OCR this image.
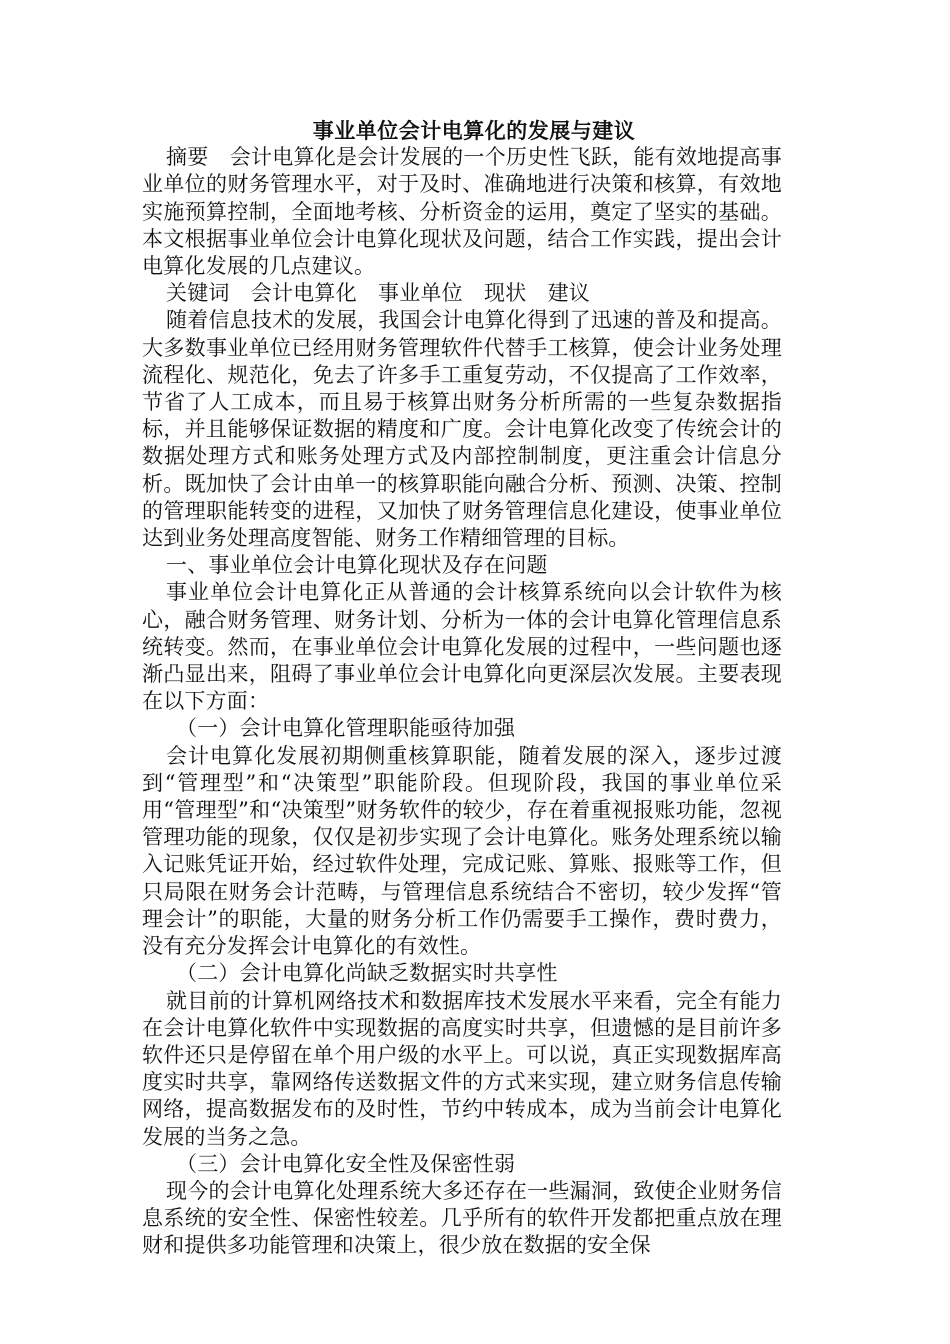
事业单位会计电算化的发展与建议

摘要　会计电算化是会计发展的一个历史性飞跃，能有效地提高事业单位的财务管理水平，对于及时、准确地进行决策和核算，有效地实施预算控制，全面地考核、分析资金的运用，奠定了坚实的基础。本文根据事业单位会计电算化现状及问题，结合工作实践，提出会计电算化发展的几点建议。

关键词　会计电算化　事业单位　现状　建议

随着信息技术的发展，我国会计电算化得到了迅速的普及和提高。大多数事业单位已经用财务管理软件代替手工核算，使会计业务处理流程化、规范化，免去了许多手工重复劳动，不仅提高了工作效率，节省了人工成本，而且易于核算出财务分析所需的一些复杂数据指标，并且能够保证数据的精度和广度。会计电算化改变了传统会计的数据处理方式和账务处理方式及内部控制制度，更注重会计信息分析。既加快了会计由单一的核算职能向融合分析、预测、决策、控制的管理职能转变的进程，又加快了财务管理信息化建设，使事业单位达到业务处理高度智能、财务工作精细管理的目标。

一、事业单位会计电算化现状及存在问题

事业单位会计电算化正从普通的会计核算系统向以会计软件为核心，融合财务管理、财务计划、分析为一体的会计电算化管理信息系统转变。然而，在事业单位会计电算化发展的过程中，一些问题也逐渐凸显出来，阻碍了事业单位会计电算化向更深层次发展。主要表现在以下方面：

（一）会计电算化管理职能亟待加强

会计电算化发展初期侧重核算职能，随着发展的深入，逐步过渡到“管理型”和“决策型”职能阶段。但现阶段，我国的事业单位采用“管理型”和“决策型”财务软件的较少，存在着重视报账功能，忽视管理功能的现象，仅仅是初步实现了会计电算化。账务处理系统以输入记账凭证开始，经过软件处理，完成记账、算账、报账等工作，但只局限在财务会计范畴，与管理信息系统结合不密切，较少发挥“管理会计”的职能，大量的财务分析工作仍需要手工操作，费时费力，没有充分发挥会计电算化的有效性。

（二）会计电算化尚缺乏数据实时共享性

就目前的计算机网络技术和数据库技术发展水平来看，完全有能力在会计电算化软件中实现数据的高度实时共享，但遗憾的是目前许多软件还只是停留在单个用户级的水平上。可以说，真正实现数据库高度实时共享，靠网络传送数据文件的方式来实现，建立财务信息传输网络，提高数据发布的及时性，节约中转成本，成为当前会计电算化发展的当务之急。

（三）会计电算化安全性及保密性弱

现今的会计电算化处理系统大多还存在一些漏洞，致使企业财务信息系统的安全性、保密性较差。几乎所有的软件开发都把重点放在理财和提供多功能管理和决策上，很少放在数据的安全保
